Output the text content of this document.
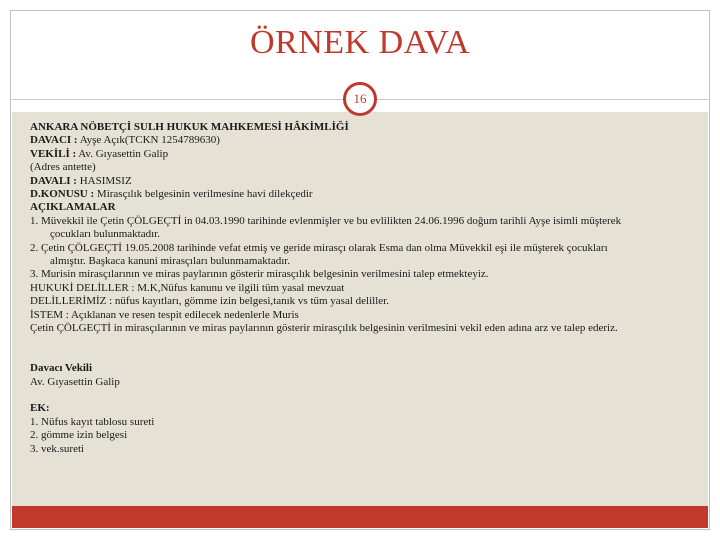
ÖRNEK DAVA
16

ANKARA NÖBETÇİ SULH HUKUK MAHKEMESİ HÂKİMLİĞİ

DAVACI : Ayşe Açık(TCKN 1254789630)

VEKİLİ : Av. Gıyasettin Galip

(Adres antette)

DAVALI : HASIMSIZ

D.KONUSU : Mirasçılık belgesinin verilmesine havi dilekçedir

AÇIKLAMALAR

1. Müvekkil ile Çetin ÇÖLGEÇTİ in 04.03.1990 tarihinde evlenmişler ve bu evlilikten 24.06.1996 doğum tarihli Ayşe isimli müşterek

çocukları bulunmaktadır.

2. Çetin ÇÖLGEÇTİ 19.05.2008 tarihinde vefat etmiş ve geride mirasçı olarak Esma dan olma Müvekkil eşi ile müşterek çocukları

almıştır. Başkaca kanuni mirasçıları bulunmamaktadır.

3. Murisin mirasçılarının ve miras paylarının gösterir mirasçılık belgesinin verilmesini talep etmekteyiz.

HUKUKİ DELİLLER : M.K,Nüfus kanunu ve ilgili tüm yasal mevzuat

DELİLLERİMİZ : nüfus kayıtları, gömme izin belgesi,tanık vs tüm yasal deliller.

İSTEM : Açıklanan ve resen tespit edilecek nedenlerle Muris

Çetin ÇÖLGEÇTİ in mirasçılarının ve miras paylarının gösterir mirasçılık belgesinin verilmesini vekil eden adına arz ve talep ederiz.

Davacı Vekili

Av. Gıyasettin Galip

EK:

1. Nüfus kayıt tablosu sureti

2. gömme izin belgesi

3. vek.sureti
